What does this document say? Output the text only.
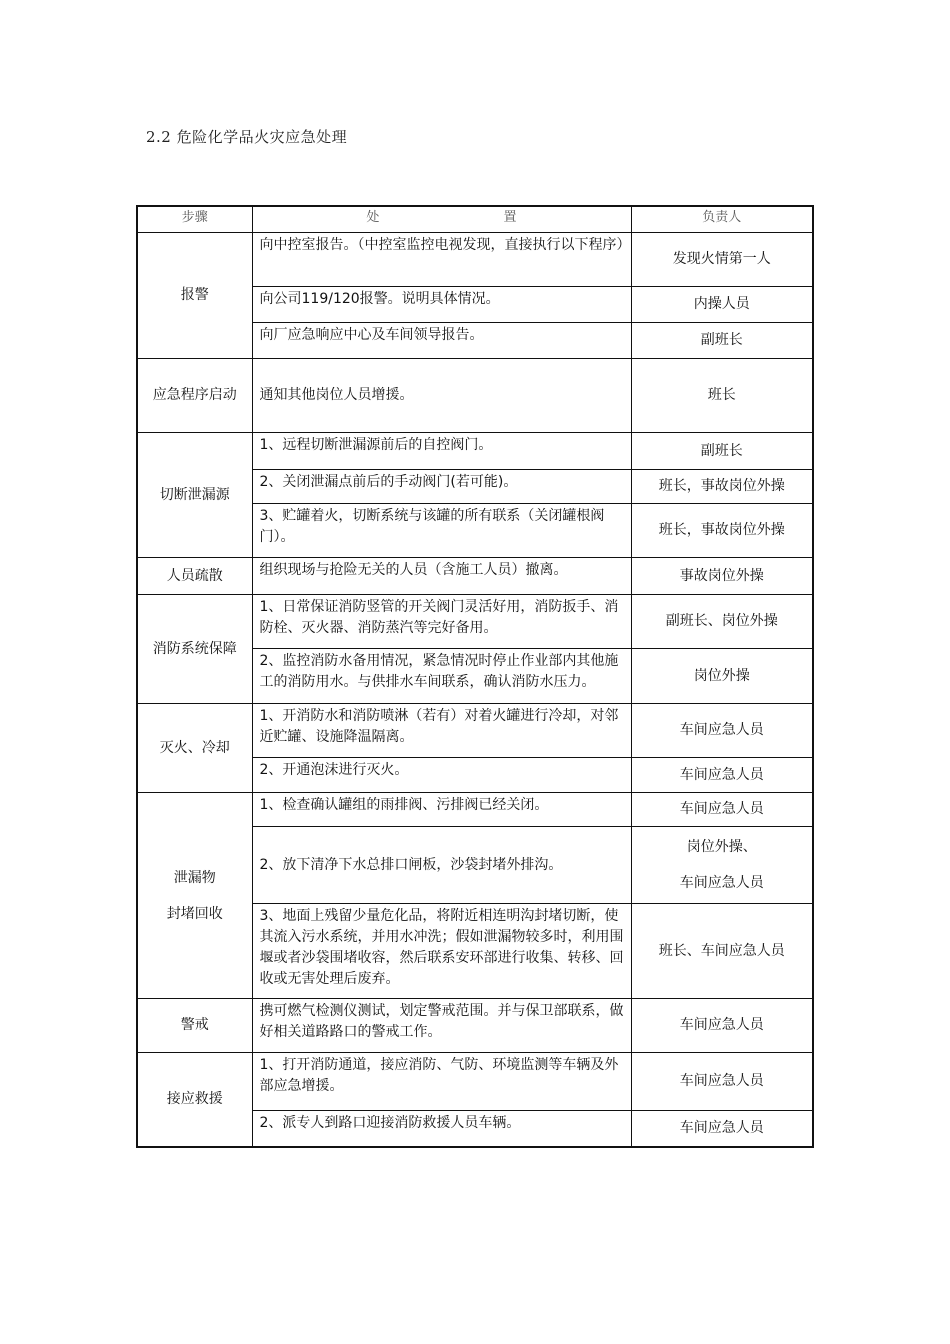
2.2 危险化学品火灾应急处理
步骤	处 置	负责人
报警	向中控室报告。（中控室监控电视发现，直接执行以下程序）	发现火情第一人
	向公司119/120报警。说明具体情况。	内操人员
	向厂应急响应中心及车间领导报告。	副班长
应急程序启动	通知其他岗位人员增援。	班长
切断泄漏源	1、远程切断泄漏源前后的自控阀门。	副班长
	2、关闭泄漏点前后的手动阀门(若可能)。	班长，事故岗位外操
	3、贮罐着火，切断系统与该罐的所有联系（关闭罐根阀门）。	班长，事故岗位外操
人员疏散	组织现场与抢险无关的人员（含施工人员）撤离。	事故岗位外操
消防系统保障	1、日常保证消防竖管的开关阀门灵活好用，消防扳手、消防栓、灭火器、消防蒸汽等完好备用。	副班长、岗位外操
	2、监控消防水备用情况，紧急情况时停止作业部内其他施工的消防用水。与供排水车间联系，确认消防水压力。	岗位外操
灭火、冷却	1、开消防水和消防喷淋（若有）对着火罐进行冷却，对邻近贮罐、设施降温隔离。	车间应急人员
	2、开通泡沫进行灭火。	车间应急人员

泄漏物
封堵回收	1、检查确认罐组的雨排阀、污排阀已经关闭。	车间应急人员
	2、放下清净下水总排口闸板，沙袋封堵外排沟。	岗位外操、
车间应急人员

	3、地面上残留少量危化品，将附近相连明沟封堵切断，使其流入污水系统，并用水冲洗；假如泄漏物较多时，利用围堰或者沙袋围堵收容，然后联系安环部进行收集、转移、回收或无害处理后废弃。	班长、车间应急人员
警戒	携可燃气检测仪测试，划定警戒范围。并与保卫部联系，做好相关道路路口的警戒工作。	车间应急人员
接应救援	1、打开消防通道，接应消防、气防、环境监测等车辆及外部应急增援。	车间应急人员
	2、派专人到路口迎接消防救援人员车辆。	车间应急人员
